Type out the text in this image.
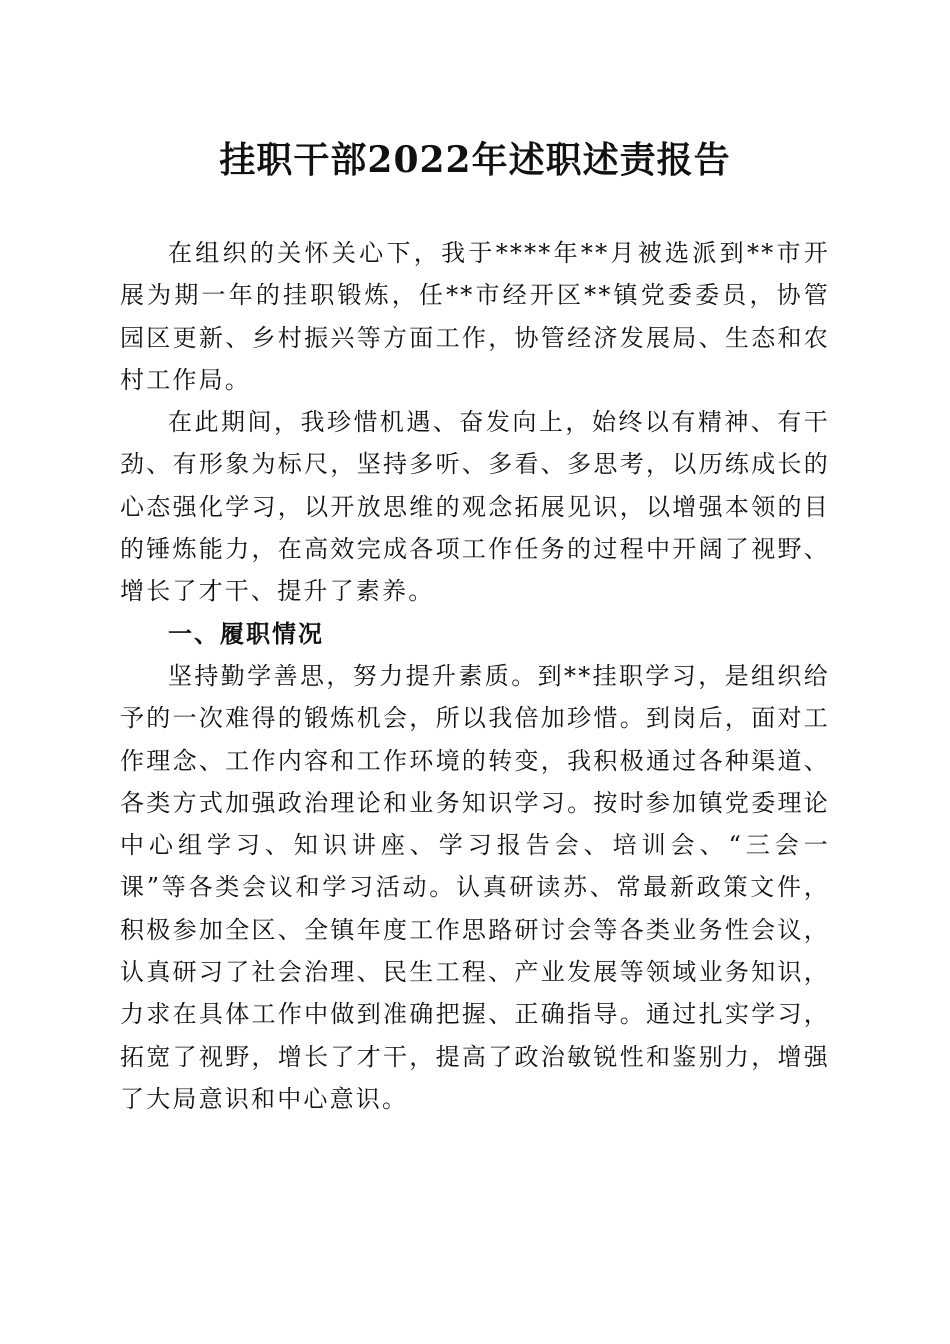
挂职干部2022年述职述责报告

在组织的关怀关心下，我于****年**月被选派到**市开展为期一年的挂职锻炼，任**市经开区**镇党委委员，协管园区更新、乡村振兴等方面工作，协管经济发展局、生态和农村工作局。

在此期间，我珍惜机遇、奋发向上，始终以有精神、有干劲、有形象为标尺，坚持多听、多看、多思考，以历练成长的心态强化学习，以开放思维的观念拓展见识，以增强本领的目的锤炼能力，在高效完成各项工作任务的过程中开阔了视野、增长了才干、提升了素养。

一、履职情况

坚持勤学善思，努力提升素质。到**挂职学习，是组织给予的一次难得的锻炼机会，所以我倍加珍惜。到岗后，面对工作理念、工作内容和工作环境的转变，我积极通过各种渠道、各类方式加强政治理论和业务知识学习。按时参加镇党委理论中心组学习、知识讲座、学习报告会、培训会、“三会一课”等各类会议和学习活动。认真研读苏、常最新政策文件，积极参加全区、全镇年度工作思路研讨会等各类业务性会议，认真研习了社会治理、民生工程、产业发展等领域业务知识，力求在具体工作中做到准确把握、正确指导。通过扎实学习，拓宽了视野，增长了才干，提高了政治敏锐性和鉴别力，增强了大局意识和中心意识。
